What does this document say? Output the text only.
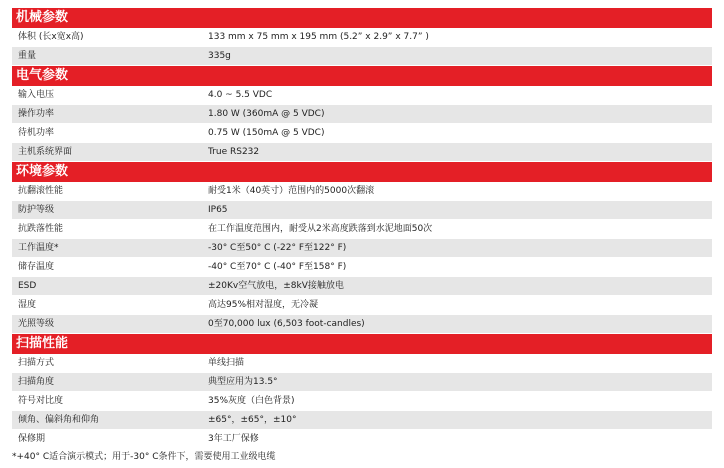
机械参数
体积 (长x宽x高)	133 mm x 75 mm x 195 mm (5.2” x 2.9” x 7.7” )
重量	335g
电气参数
输入电压	4.0 ~ 5.5 VDC
操作功率	1.80 W (360mA @ 5 VDC)
待机功率	0.75 W (150mA @ 5 VDC)
主机系统界面	True RS232
环境参数
抗翻滚性能	耐受1米（40英寸）范围内的5000次翻滚
防护等级	IP65
抗跌落性能	在工作温度范围内，耐受从2米高度跌落到水泥地面50次
工作温度*	-30° C至50° C (-22° F至122° F)
储存温度	-40° C至70° C (-40° F至158° F)
ESD	±20Kv空气放电，±8kV接触放电
湿度	高达95%相对湿度，无冷凝
光照等级	0至70,000 lux (6,503 foot-candles)
扫描性能
扫描方式	单线扫描
扫描角度	典型应用为13.5°
符号对比度	35%灰度（白色背景)
倾角、偏斜角和仰角	±65°，±65°，±10°
保修期	3年工厂保修
*+40° C适合演示模式；用于-30° C条件下，需要使用工业级电缆
